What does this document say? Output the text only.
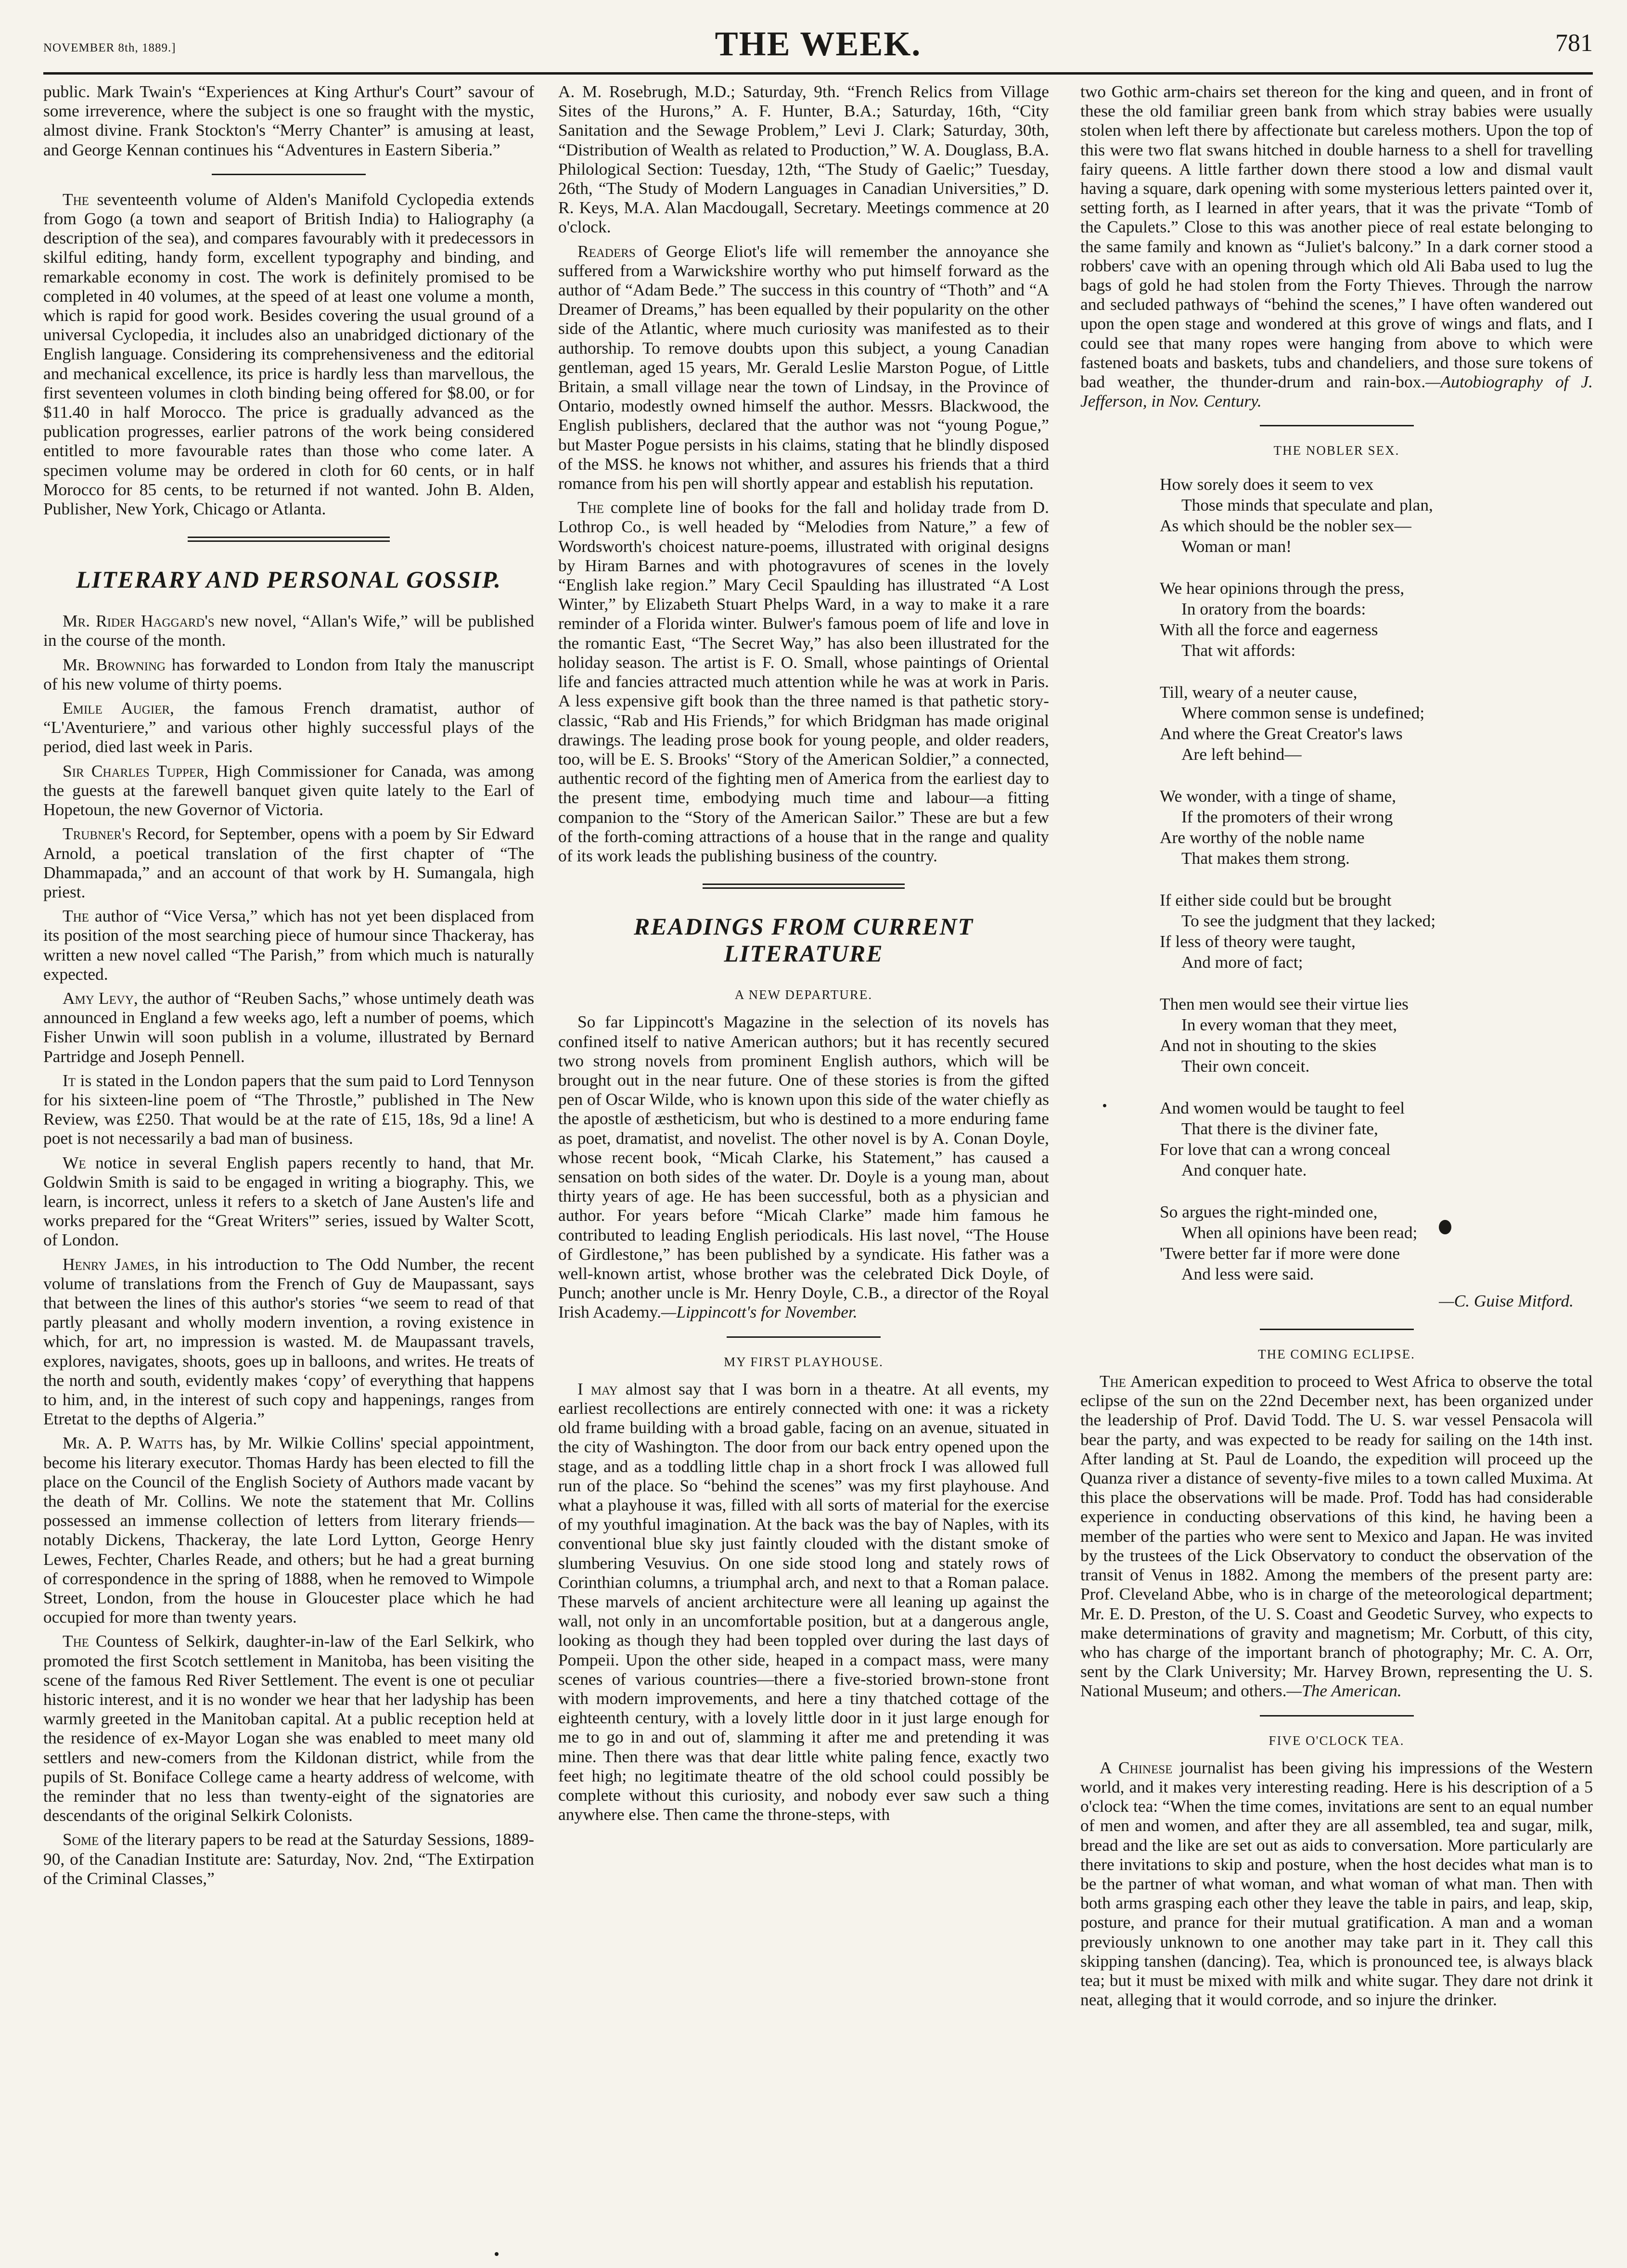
NOVEMBER 8th, 1889.]	THE WEEK.	781

public. Mark Twain's “Experiences at King Arthur's Court” savour of some irreverence, where the subject is one so fraught with the mystic, almost divine. Frank Stockton's “Merry Chanter” is amusing at least, and George Kennan continues his “Adventures in Eastern Siberia.”

The seventeenth volume of Alden's Manifold Cyclopedia extends from Gogo (a town and seaport of British India) to Haliography (a description of the sea), and compares favourably with it predecessors in skilful editing, handy form, excellent typography and binding, and remarkable economy in cost. The work is definitely promised to be completed in 40 volumes, at the speed of at least one volume a month, which is rapid for good work. Besides covering the usual ground of a universal Cyclopedia, it includes also an unabridged dictionary of the English language. Considering its comprehensiveness and the editorial and mechanical excellence, its price is hardly less than marvellous, the first seventeen volumes in cloth binding being offered for $8.00, or for $11.40 in half Morocco. The price is gradually advanced as the publication progresses, earlier patrons of the work being considered entitled to more favourable rates than those who come later. A specimen volume may be ordered in cloth for 60 cents, or in half Morocco for 85 cents, to be returned if not wanted. John B. Alden, Publisher, New York, Chicago or Atlanta.

LITERARY AND PERSONAL GOSSIP.

Mr. Rider Haggard's new novel, “Allan's Wife,” will be published in the course of the month.

Mr. Browning has forwarded to London from Italy the manuscript of his new volume of thirty poems.

Emile Augier, the famous French dramatist, author of “L'Aventuriere,” and various other highly successful plays of the period, died last week in Paris.

Sir Charles Tupper, High Commissioner for Canada, was among the guests at the farewell banquet given quite lately to the Earl of Hopetoun, the new Governor of Victoria.

Trubner's Record, for September, opens with a poem by Sir Edward Arnold, a poetical translation of the first chapter of “The Dhammapada,” and an account of that work by H. Sumangala, high priest.

The author of “Vice Versa,” which has not yet been displaced from its position of the most searching piece of humour since Thackeray, has written a new novel called “The Parish,” from which much is naturally expected.

Amy Levy, the author of “Reuben Sachs,” whose untimely death was announced in England a few weeks ago, left a number of poems, which Fisher Unwin will soon publish in a volume, illustrated by Bernard Partridge and Joseph Pennell.

It is stated in the London papers that the sum paid to Lord Tennyson for his sixteen-line poem of “The Throstle,” published in The New Review, was £250. That would be at the rate of £15, 18s, 9d a line! A poet is not necessarily a bad man of business.

We notice in several English papers recently to hand, that Mr. Goldwin Smith is said to be engaged in writing a biography. This, we learn, is incorrect, unless it refers to a sketch of Jane Austen's life and works prepared for the “Great Writers'” series, issued by Walter Scott, of London.

Henry James, in his introduction to The Odd Number, the recent volume of translations from the French of Guy de Maupassant, says that between the lines of this author's stories “we seem to read of that partly pleasant and wholly modern invention, a roving existence in which, for art, no impression is wasted. M. de Maupassant travels, explores, navigates, shoots, goes up in balloons, and writes. He treats of the north and south, evidently makes ‘copy’ of everything that happens to him, and, in the interest of such copy and happenings, ranges from Etretat to the depths of Algeria.”

Mr. A. P. Watts has, by Mr. Wilkie Collins' special appointment, become his literary executor. Thomas Hardy has been elected to fill the place on the Council of the English Society of Authors made vacant by the death of Mr. Collins. We note the statement that Mr. Collins possessed an immense collection of letters from literary friends—notably Dickens, Thackeray, the late Lord Lytton, George Henry Lewes, Fechter, Charles Reade, and others; but he had a great burning of correspondence in the spring of 1888, when he removed to Wimpole Street, London, from the house in Gloucester place which he had occupied for more than twenty years.

The Countess of Selkirk, daughter-in-law of the Earl Selkirk, who promoted the first Scotch settlement in Manitoba, has been visiting the scene of the famous Red River Settlement. The event is one ot peculiar historic interest, and it is no wonder we hear that her ladyship has been warmly greeted in the Manitoban capital. At a public reception held at the residence of ex-Mayor Logan she was enabled to meet many old settlers and new-comers from the Kildonan district, while from the pupils of St. Boniface College came a hearty address of welcome, with the reminder that no less than twenty-eight of the signatories are descendants of the original Selkirk Colonists.

Some of the literary papers to be read at the Saturday Sessions, 1889-90, of the Canadian Institute are: Saturday, Nov. 2nd, “The Extirpation of the Criminal Classes,”

A. M. Rosebrugh, M.D.; Saturday, 9th. “French Relics from Village Sites of the Hurons,” A. F. Hunter, B.A.; Saturday, 16th, “City Sanitation and the Sewage Problem,” Levi J. Clark; Saturday, 30th, “Distribution of Wealth as related to Production,” W. A. Douglass, B.A. Philological Section: Tuesday, 12th, “The Study of Gaelic;” Tuesday, 26th, “The Study of Modern Languages in Canadian Universities,” D. R. Keys, M.A. Alan Macdougall, Secretary. Meetings commence at 20 o'clock.

Readers of George Eliot's life will remember the annoyance she suffered from a Warwickshire worthy who put himself forward as the author of “Adam Bede.” The success in this country of “Thoth” and “A Dreamer of Dreams,” has been equalled by their popularity on the other side of the Atlantic, where much curiosity was manifested as to their authorship. To remove doubts upon this subject, a young Canadian gentleman, aged 15 years, Mr. Gerald Leslie Marston Pogue, of Little Britain, a small village near the town of Lindsay, in the Province of Ontario, modestly owned himself the author. Messrs. Blackwood, the English publishers, declared that the author was not “young Pogue,” but Master Pogue persists in his claims, stating that he blindly disposed of the MSS. he knows not whither, and assures his friends that a third romance from his pen will shortly appear and establish his reputation.

The complete line of books for the fall and holiday trade from D. Lothrop Co., is well headed by “Melodies from Nature,” a few of Wordsworth's choicest nature-poems, illustrated with original designs by Hiram Barnes and with photogravures of scenes in the lovely “English lake region.” Mary Cecil Spaulding has illustrated “A Lost Winter,” by Elizabeth Stuart Phelps Ward, in a way to make it a rare reminder of a Florida winter. Bulwer's famous poem of life and love in the romantic East, “The Secret Way,” has also been illustrated for the holiday season. The artist is F. O. Small, whose paintings of Oriental life and fancies attracted much attention while he was at work in Paris. A less expensive gift book than the three named is that pathetic story-classic, “Rab and His Friends,” for which Bridgman has made original drawings. The leading prose book for young people, and older readers, too, will be E. S. Brooks' “Story of the American Soldier,” a connected, authentic record of the fighting men of America from the earliest day to the present time, embodying much time and labour—a fitting companion to the “Story of the American Sailor.” These are but a few of the forth-coming attractions of a house that in the range and quality of its work leads the publishing business of the country.

READINGS FROM CURRENT LITERATURE
A NEW DEPARTURE.

So far Lippincott's Magazine in the selection of its novels has confined itself to native American authors; but it has recently secured two strong novels from prominent English authors, which will be brought out in the near future. One of these stories is from the gifted pen of Oscar Wilde, who is known upon this side of the water chiefly as the apostle of æstheticism, but who is destined to a more enduring fame as poet, dramatist, and novelist. The other novel is by A. Conan Doyle, whose recent book, “Micah Clarke, his Statement,” has caused a sensation on both sides of the water. Dr. Doyle is a young man, about thirty years of age. He has been successful, both as a physician and author. For years before “Micah Clarke” made him famous he contributed to leading English periodicals. His last novel, “The House of Girdlestone,” has been published by a syndicate. His father was a well-known artist, whose brother was the celebrated Dick Doyle, of Punch; another uncle is Mr. Henry Doyle, C.B., a director of the Royal Irish Academy.—Lippincott's for November.

MY FIRST PLAYHOUSE.

I may almost say that I was born in a theatre. At all events, my earliest recollections are entirely connected with one: it was a rickety old frame building with a broad gable, facing on an avenue, situated in the city of Washington. The door from our back entry opened upon the stage, and as a toddling little chap in a short frock I was allowed full run of the place. So “behind the scenes” was my first playhouse. And what a playhouse it was, filled with all sorts of material for the exercise of my youthful imagination. At the back was the bay of Naples, with its conventional blue sky just faintly clouded with the distant smoke of slumbering Vesuvius. On one side stood long and stately rows of Corinthian columns, a triumphal arch, and next to that a Roman palace. These marvels of ancient architecture were all leaning up against the wall, not only in an uncomfortable position, but at a dangerous angle, looking as though they had been toppled over during the last days of Pompeii. Upon the other side, heaped in a compact mass, were many scenes of various countries—there a five-storied brown-stone front with modern improvements, and here a tiny thatched cottage of the eighteenth century, with a lovely little door in it just large enough for me to go in and out of, slamming it after me and pretending it was mine. Then there was that dear little white paling fence, exactly two feet high; no legitimate theatre of the old school could possibly be complete without this curiosity, and nobody ever saw such a thing anywhere else. Then came the throne-steps, with

two Gothic arm-chairs set thereon for the king and queen, and in front of these the old familiar green bank from which stray babies were usually stolen when left there by affectionate but careless mothers. Upon the top of this were two flat swans hitched in double harness to a shell for travelling fairy queens. A little farther down there stood a low and dismal vault having a square, dark opening with some mysterious letters painted over it, setting forth, as I learned in after years, that it was the private “Tomb of the Capulets.” Close to this was another piece of real estate belonging to the same family and known as “Juliet's balcony.” In a dark corner stood a robbers' cave with an opening through which old Ali Baba used to lug the bags of gold he had stolen from the Forty Thieves. Through the narrow and secluded pathways of “behind the scenes,” I have often wandered out upon the open stage and wondered at this grove of wings and flats, and I could see that many ropes were hanging from above to which were fastened boats and baskets, tubs and chandeliers, and those sure tokens of bad weather, the thunder-drum and rain-box.—Autobiography of J. Jefferson, in Nov. Century.

THE NOBLER SEX.
How sorely does it seem to vex
Those minds that speculate and plan,
As which should be the nobler sex—
Woman or man!
We hear opinions through the press,
In oratory from the boards:
With all the force and eagerness
That wit affords:
Till, weary of a neuter cause,
Where common sense is undefined;
And where the Great Creator's laws
Are left behind—
We wonder, with a tinge of shame,
If the promoters of their wrong
Are worthy of the noble name
That makes them strong.
If either side could but be brought
To see the judgment that they lacked;
If less of theory were taught,
And more of fact;
Then men would see their virtue lies
In every woman that they meet,
And not in shouting to the skies
Their own conceit.
And women would be taught to feel
That there is the diviner fate,
For love that can a wrong conceal
And conquer hate.
So argues the right-minded one,
When all opinions have been read;
'Twere better far if more were done
And less were said.
—C. Guise Mitford.
THE COMING ECLIPSE.

The American expedition to proceed to West Africa to observe the total eclipse of the sun on the 22nd December next, has been organized under the leadership of Prof. David Todd. The U. S. war vessel Pensacola will bear the party, and was expected to be ready for sailing on the 14th inst. After landing at St. Paul de Loando, the expedition will proceed up the Quanza river a distance of seventy-five miles to a town called Muxima. At this place the observations will be made. Prof. Todd has had considerable experience in conducting observations of this kind, he having been a member of the parties who were sent to Mexico and Japan. He was invited by the trustees of the Lick Observatory to conduct the observation of the transit of Venus in 1882. Among the members of the present party are: Prof. Cleveland Abbe, who is in charge of the meteorological department; Mr. E. D. Preston, of the U. S. Coast and Geodetic Survey, who expects to make determinations of gravity and magnetism; Mr. Corbutt, of this city, who has charge of the important branch of photography; Mr. C. A. Orr, sent by the Clark University; Mr. Harvey Brown, representing the U. S. National Museum; and others.—The American.

FIVE O'CLOCK TEA.

A Chinese journalist has been giving his impressions of the Western world, and it makes very interesting reading. Here is his description of a 5 o'clock tea: “When the time comes, invitations are sent to an equal number of men and women, and after they are all assembled, tea and sugar, milk, bread and the like are set out as aids to conversation. More particularly are there invitations to skip and posture, when the host decides what man is to be the partner of what woman, and what woman of what man. Then with both arms grasping each other they leave the table in pairs, and leap, skip, posture, and prance for their mutual gratification. A man and a woman previously unknown to one another may take part in it. They call this skipping tanshen (dancing). Tea, which is pronounced tee, is always black tea; but it must be mixed with milk and white sugar. They dare not drink it neat, alleging that it would corrode, and so injure the drinker.
